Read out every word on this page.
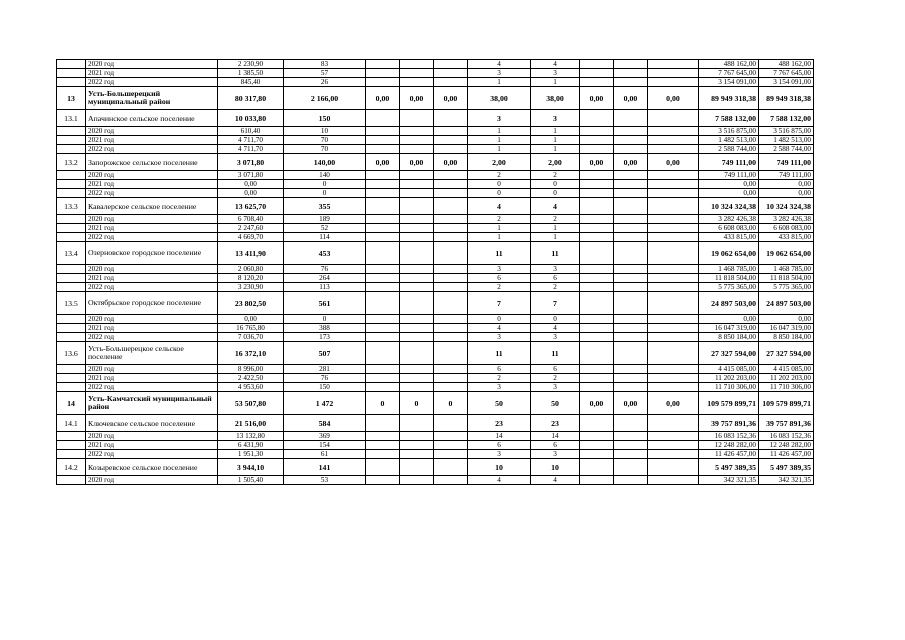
	2020 год	2 230,90	83				4	4				488 162,00	488 162,00
	2021 год	1 385,50	57				3	3				7 767 645,00	7 767 645,00
	2022 год	845,40	26				1	1				3 154 091,00	3 154 091,00
13	Усть-Большерецкий муниципальный район	80 317,80	2 166,00	0,00	0,00	0,00	38,00	38,00	0,00	0,00	0,00	89 949 318,38	89 949 318,38
13.1	Апачинское сельское поселение	10 033,80	150				3	3				7 588 132,00	7 588 132,00
	2020 год	610,40	10				1	1				3 516 875,00	3 516 875,00
	2021 год	4 711,70	70				1	1				1 482 513,00	1 482 513,00
	2022 год	4 711,70	70				1	1				2 588 744,00	2 588 744,00
13.2	Запорожское сельское поселение	3 071,80	140,00	0,00	0,00	0,00	2,00	2,00	0,00	0,00	0,00	749 111,00	749 111,00
	2020 год	3 071,80	140				2	2				749 111,00	749 111,00
	2021 год	0,00	0				0	0				0,00	0,00
	2022 год	0,00	0				0	0				0,00	0,00
13.3	Кавалерское сельское поселение	13 625,70	355				4	4				10 324 324,38	10 324 324,38
	2020 год	6 708,40	189				2	2				3 282 426,38	3 282 426,38
	2021 год	2 247,60	52				1	1				6 608 083,00	6 608 083,00
	2022 год	4 669,70	114				1	1				433 815,00	433 815,00
13.4	Озерновское городское поселение	13 411,90	453				11	11				19 062 654,00	19 062 654,00
	2020 год	2 060,80	76				3	3				1 468 785,00	1 468 785,00
	2021 год	8 120,20	264				6	6				11 818 504,00	11 818 504,00
	2022 год	3 230,90	113				2	2				5 775 365,00	5 775 365,00
13.5	Октябрьское городское поселение	23 802,50	561				7	7				24 897 503,00	24 897 503,00
	2020 год	0,00	0				0	0				0,00	0,00
	2021 год	16 765,80	388				4	4				16 047 319,00	16 047 319,00
	2022 год	7 036,70	173				3	3				8 850 184,00	8 850 184,00
13.6	Усть-Большерецкое сельское поселение	16 372,10	507				11	11				27 327 594,00	27 327 594,00
	2020 год	8 996,00	281				6	6				4 415 085,00	4 415 085,00
	2021 год	2 422,50	76				2	2				11 202 203,00	11 202 203,00
	2022 год	4 953,60	150				3	3				11 710 306,00	11 710 306,00
14	Усть-Камчатский муниципальный район	53 507,80	1 472	0	0	0	50	50	0,00	0,00	0,00	109 579 899,71	109 579 899,71
14.1	Ключевское сельское поселение	21 516,00	584				23	23				39 757 891,36	39 757 891,36
	2020 год	13 132,80	369				14	14				16 083 152,36	16 083 152,36
	2021 год	6 431,90	154				6	6				12 248 282,00	12 248 282,00
	2022 год	1 951,30	61				3	3				11 426 457,00	11 426 457,00
14.2	Козыревское сельское поселение	3 944,10	141				10	10				5 497 389,35	5 497 389,35
	2020 год	1 505,40	53				4	4				342 321,35	342 321,35
